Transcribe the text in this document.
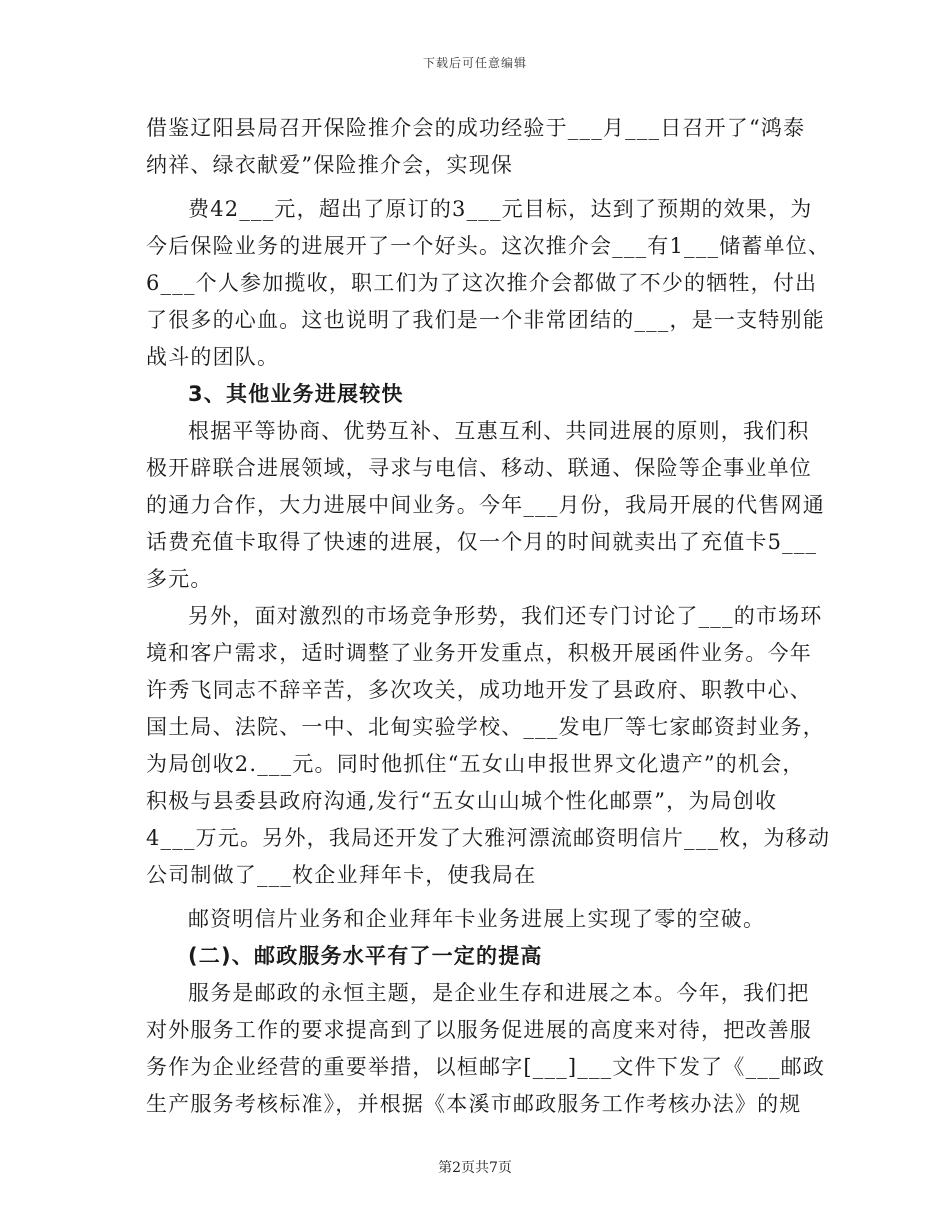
下载后可任意编辑
借鉴辽阳县局召开保险推介会的成功经验于___月___日召开了“鸿泰
纳祥、绿衣献爱”保险推介会，实现保
费42___元，超出了原订的3___元目标，达到了预期的效果，为
今后保险业务的进展开了一个好头。这次推介会___有1___储蓄单位、
6___个人参加揽收，职工们为了这次推介会都做了不少的牺牲，付出
了很多的心血。这也说明了我们是一个非常团结的___，是一支特别能
战斗的团队。
3、其他业务进展较快
根据平等协商、优势互补、互惠互利、共同进展的原则，我们积
极开辟联合进展领域，寻求与电信、移动、联通、保险等企事业单位
的通力合作，大力进展中间业务。今年___月份，我局开展的代售网通
话费充值卡取得了快速的进展，仅一个月的时间就卖出了充值卡5___
多元。
另外，面对激烈的市场竞争形势，我们还专门讨论了___的市场环
境和客户需求，适时调整了业务开发重点，积极开展函件业务。今年
许秀飞同志不辞辛苦，多次攻关，成功地开发了县政府、职教中心、
国土局、法院、一中、北甸实验学校、___发电厂等七家邮资封业务，
为局创收2.___元。同时他抓住“五女山申报世界文化遗产”的机会，
积极与县委县政府沟通,发行“五女山山城个性化邮票”，为局创收
4___万元。另外，我局还开发了大雅河漂流邮资明信片___枚，为移动
公司制做了___枚企业拜年卡，使我局在
邮资明信片业务和企业拜年卡业务进展上实现了零的空破。
(二)、邮政服务水平有了一定的提高
服务是邮政的永恒主题，是企业生存和进展之本。今年，我们把
对外服务工作的要求提高到了以服务促进展的高度来对待，把改善服
务作为企业经营的重要举措，以桓邮字[___]___文件下发了《___邮政
生产服务考核标准》，并根据《本溪市邮政服务工作考核办法》的规
第2页共7页
